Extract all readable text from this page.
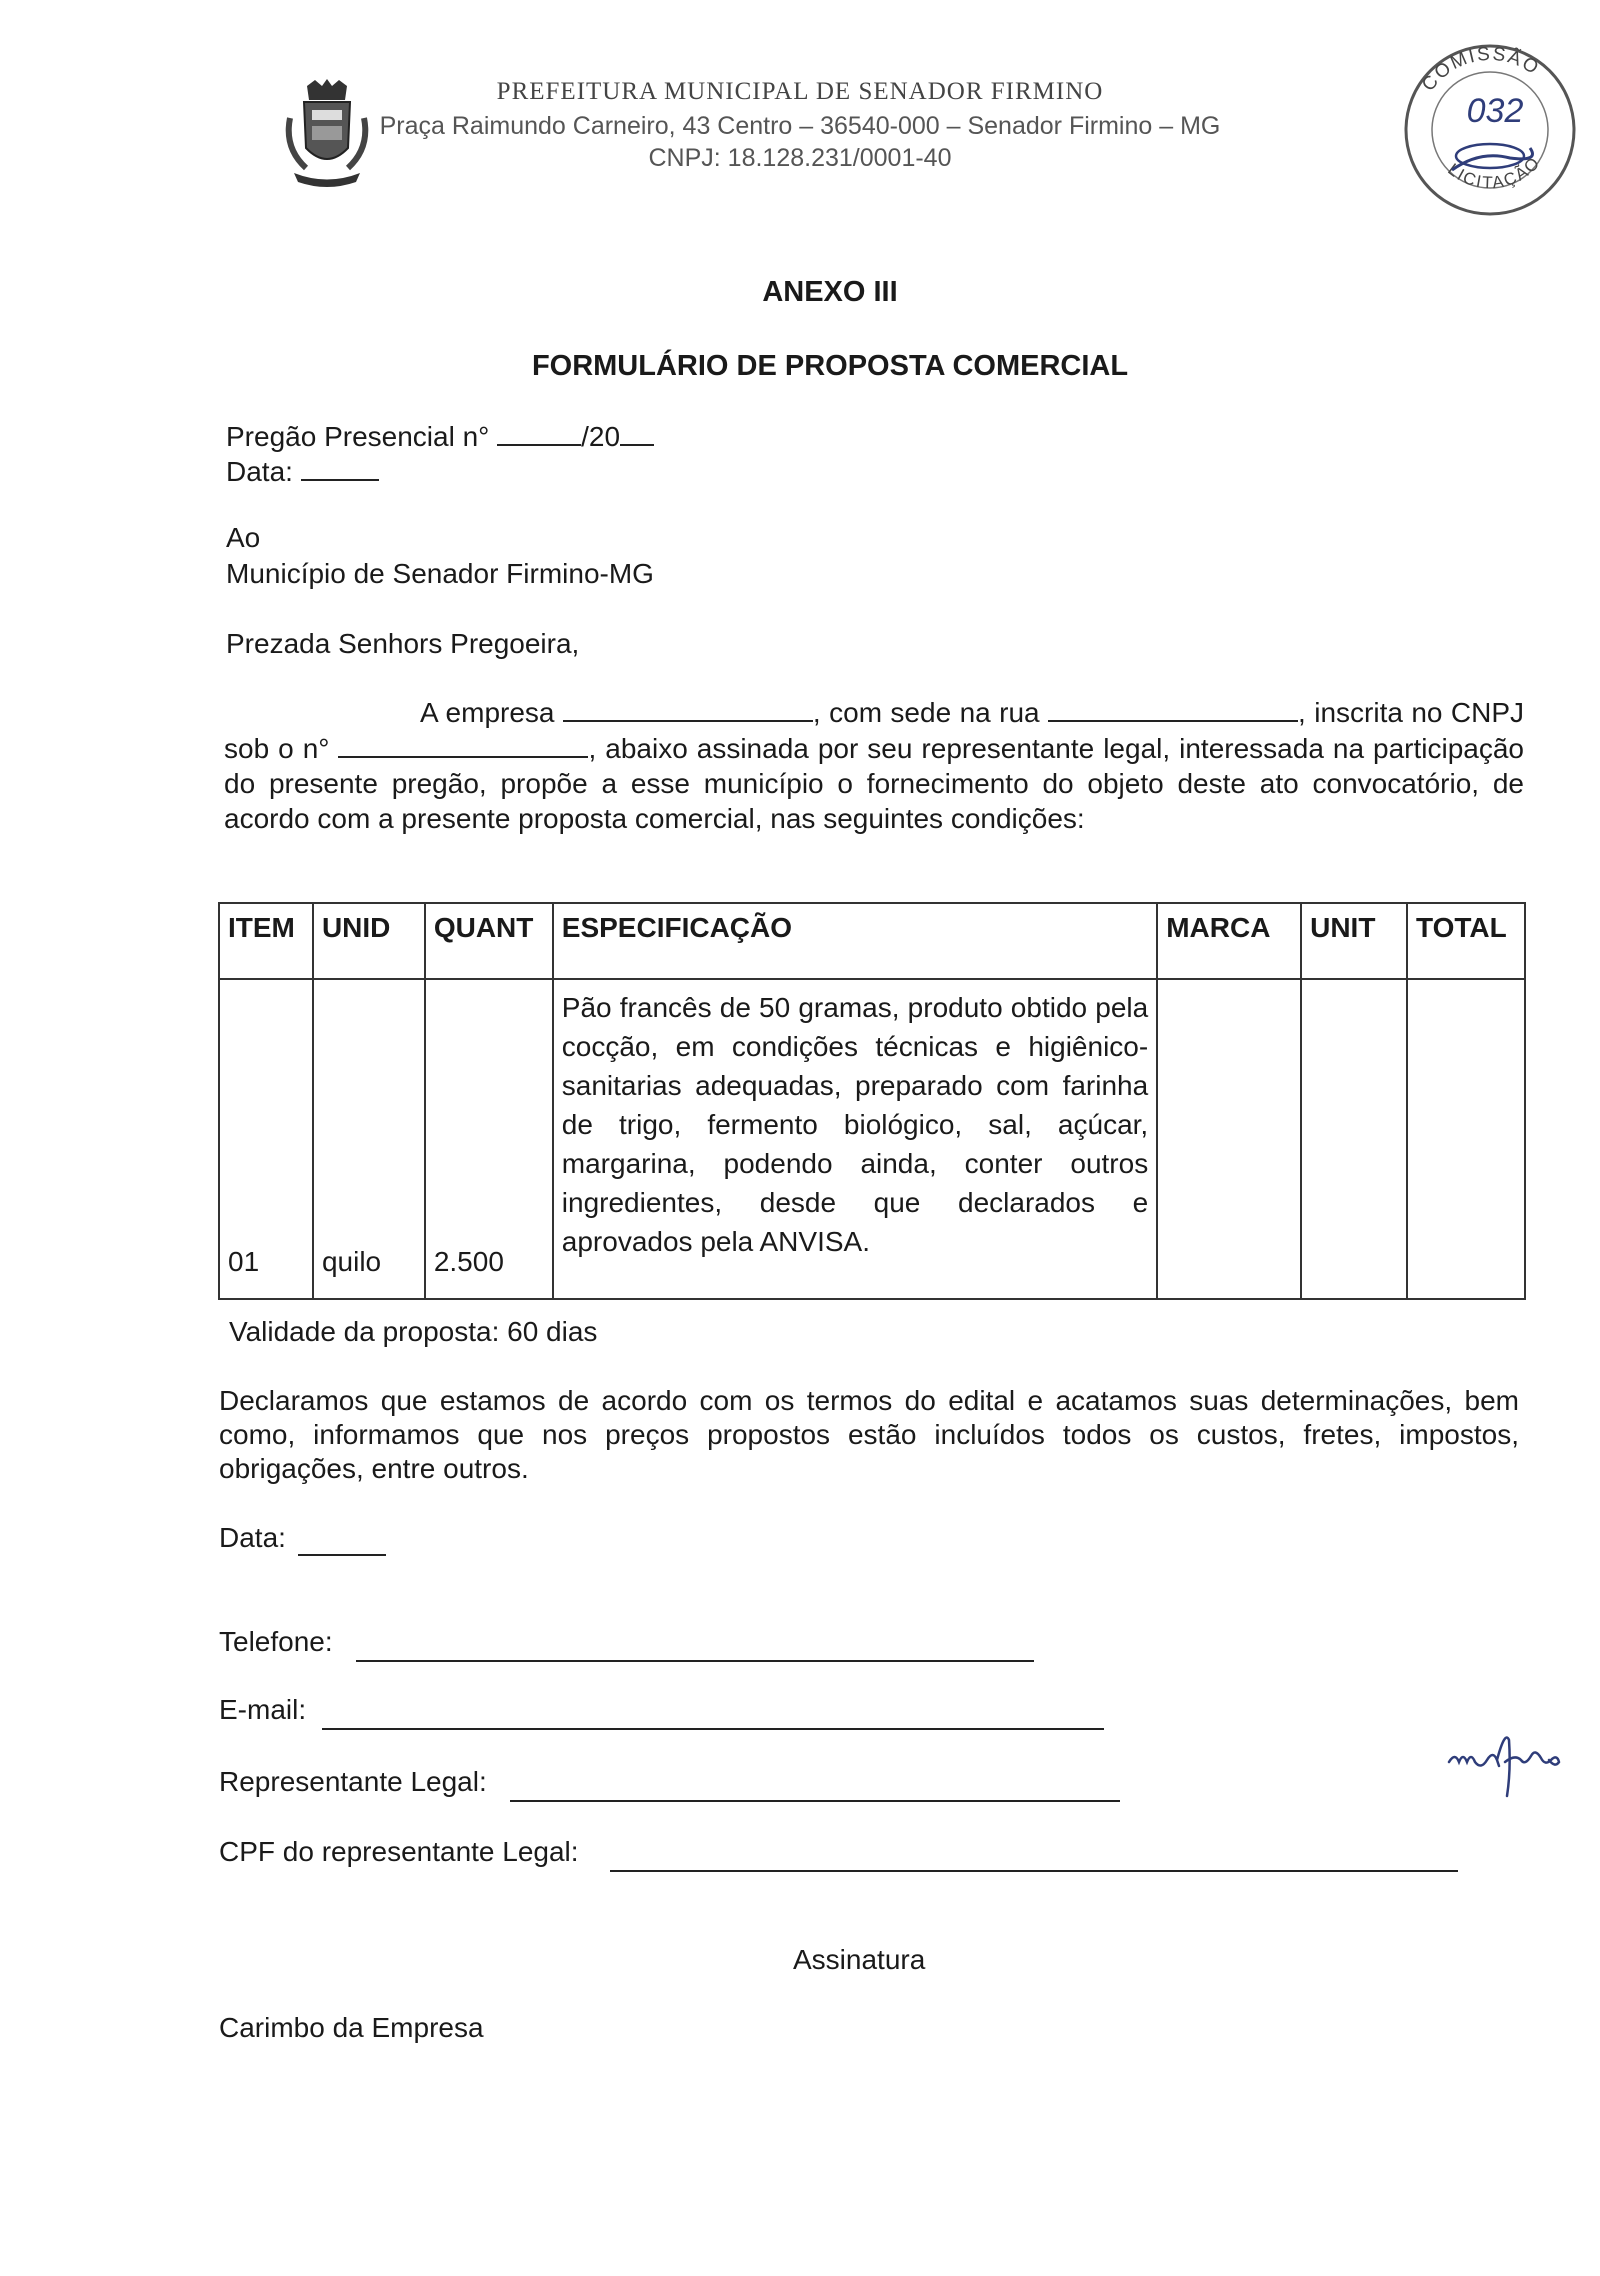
PREFEITURA MUNICIPAL DE SENADOR FIRMINO
Praça Raimundo Carneiro, 43 Centro – 36540-000 – Senador Firmino – MG
CNPJ: 18.128.231/0001-40
COMISSÃO
LICITAÇÃO
032
ANEXO III
FORMULÁRIO DE PROPOSTA COMERCIAL
Pregão Presencial n°	/20
Data:
Ao
Município de Senador Firmino-MG
Prezada Senhors Pregoeira,
A empresa	, com sede na rua	, inscrita no CNPJ sob o n°	, abaixo assinada por seu representante legal, interessada na participação do presente pregão, propõe a esse município o fornecimento do objeto deste ato convocatório, de acordo com a presente proposta comercial, nas seguintes condições:
ITEM	UNID	QUANT	ESPECIFICAÇÃO	MARCA	UNIT	TOTAL
01	quilo	2.500	Pão francês de 50 gramas, produto obtido pela cocção, em condições técnicas e higiênico-sanitarias adequadas, preparado com farinha de trigo, fermento biológico, sal, açúcar, margarina, podendo ainda, conter outros ingredientes, desde que declarados e aprovados pela ANVISA.			
Validade da proposta: 60 dias
Declaramos que estamos de acordo com os termos do edital e acatamos suas determinações, bem como, informamos que nos preços propostos estão incluídos todos os custos, fretes, impostos, obrigações, entre outros.
Data:
Telefone:
E-mail:
Representante Legal:
CPF do representante Legal:
Assinatura
Carimbo da Empresa
